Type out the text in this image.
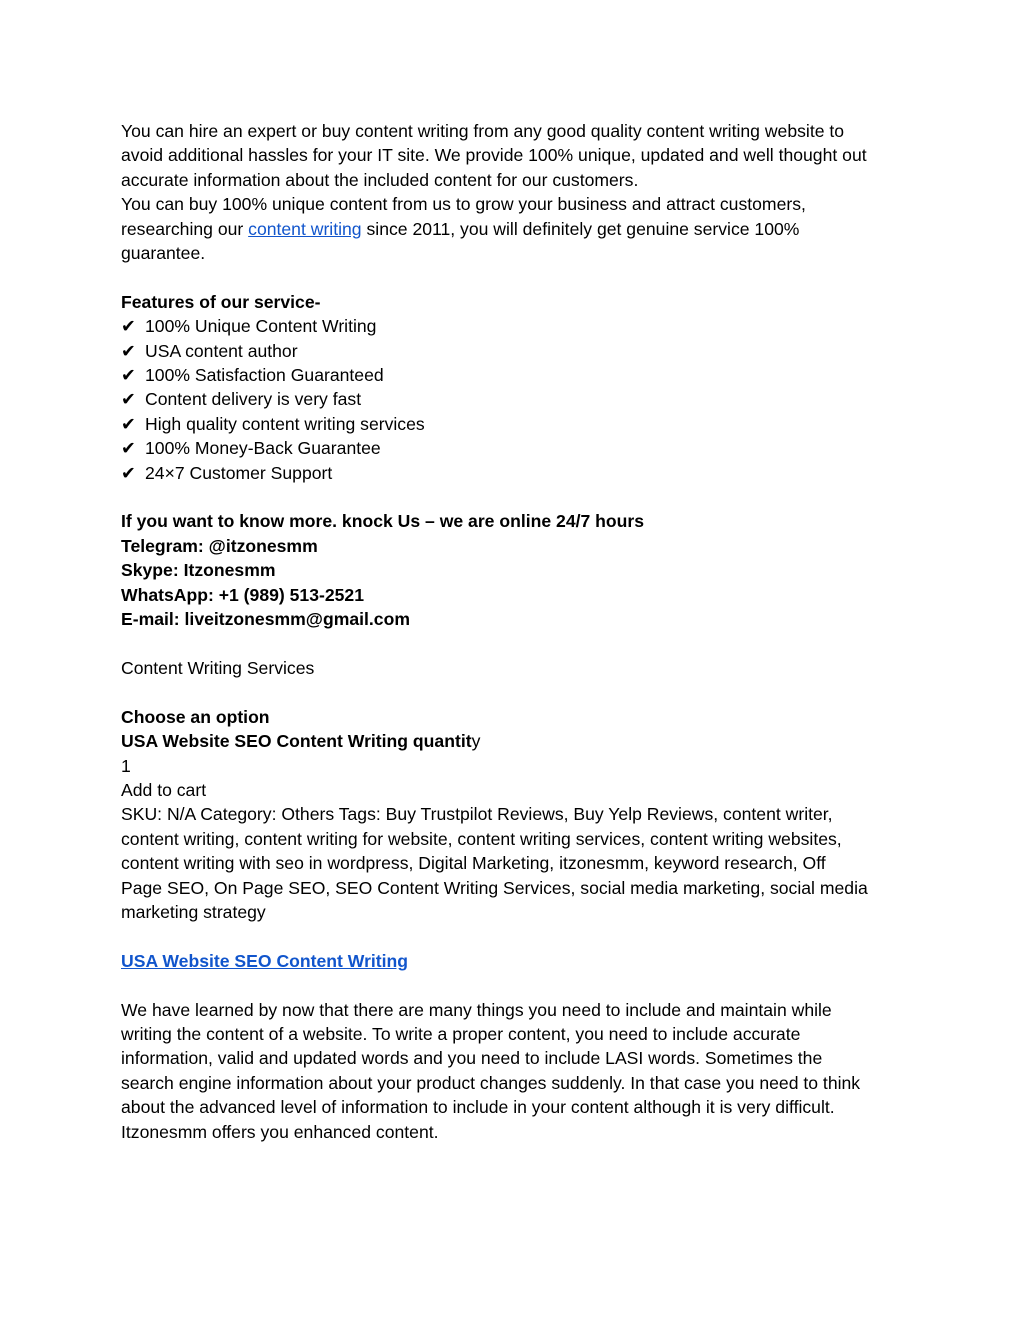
You can hire an expert or buy content writing from any good quality content writing website to
avoid additional hassles for your IT site. We provide 100% unique, updated and well thought out
accurate information about the included content for our customers.
You can buy 100% unique content from us to grow your business and attract customers,
researching our content writing since 2011, you will definitely get genuine service 100%
guarantee.
Features of our service-
✔ 100% Unique Content Writing
✔ USA content author
✔ 100% Satisfaction Guaranteed
✔ Content delivery is very fast
✔ High quality content writing services
✔ 100% Money-Back Guarantee
✔ 24×7 Customer Support
If you want to know more. knock Us – we are online 24/7 hours
Telegram: @itzonesmm
Skype: Itzonesmm
WhatsApp: +1 (989) 513-2521
E-mail: liveitzonesmm@gmail.com
Content Writing Services
Choose an option
USA Website SEO Content Writing quantity
1
Add to cart
SKU: N/A Category: Others Tags: Buy Trustpilot Reviews, Buy Yelp Reviews, content writer,
content writing, content writing for website, content writing services, content writing websites,
content writing with seo in wordpress, Digital Marketing, itzonesmm, keyword research, Off
Page SEO, On Page SEO, SEO Content Writing Services, social media marketing, social media
marketing strategy
USA Website SEO Content Writing
We have learned by now that there are many things you need to include and maintain while
writing the content of a website. To write a proper content, you need to include accurate
information, valid and updated words and you need to include LASI words. Sometimes the
search engine information about your product changes suddenly. In that case you need to think
about the advanced level of information to include in your content although it is very difficult.
Itzonesmm offers you enhanced content.
